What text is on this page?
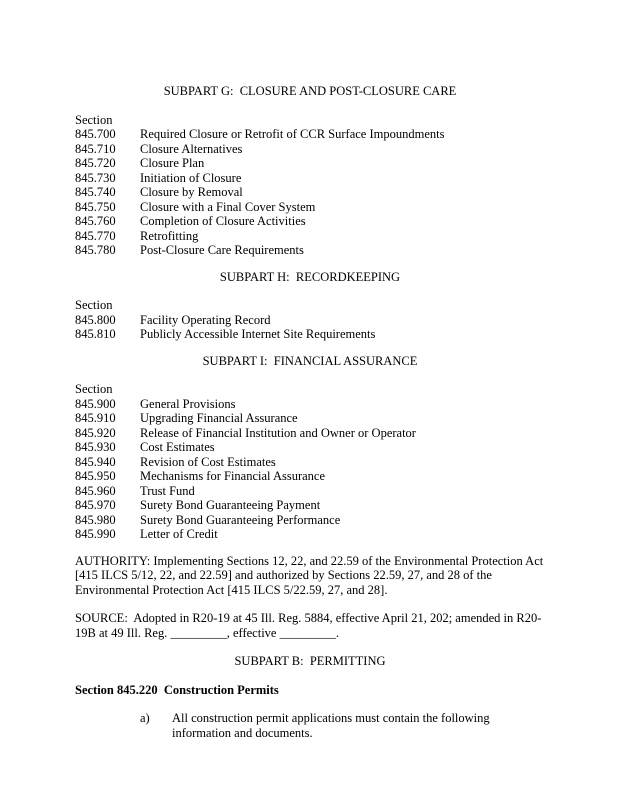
SUBPART G:  CLOSURE AND POST-CLOSURE CARE
Section
845.700	Required Closure or Retrofit of CCR Surface Impoundments
845.710	Closure Alternatives
845.720	Closure Plan
845.730	Initiation of Closure
845.740	Closure by Removal
845.750	Closure with a Final Cover System
845.760	Completion of Closure Activities
845.770	Retrofitting
845.780	Post-Closure Care Requirements
SUBPART H:  RECORDKEEPING
Section
845.800	Facility Operating Record
845.810	Publicly Accessible Internet Site Requirements
SUBPART I:  FINANCIAL ASSURANCE
Section
845.900	General Provisions
845.910	Upgrading Financial Assurance
845.920	Release of Financial Institution and Owner or Operator
845.930	Cost Estimates
845.940	Revision of Cost Estimates
845.950	Mechanisms for Financial Assurance
845.960	Trust Fund
845.970	Surety Bond Guaranteeing Payment
845.980	Surety Bond Guaranteeing Performance
845.990	Letter of Credit
AUTHORITY: Implementing Sections 12, 22, and 22.59 of the Environmental Protection Act [415 ILCS 5/12, 22, and 22.59] and authorized by Sections 22.59, 27, and 28 of the Environmental Protection Act [415 ILCS 5/22.59, 27, and 28].
SOURCE:  Adopted in R20-19 at 45 Ill. Reg. 5884, effective April 21, 202; amended in R20-19B at 49 Ill. Reg. _________, effective _________.
SUBPART B:  PERMITTING
Section 845.220  Construction Permits
a)	All construction permit applications must contain the following information and documents.
